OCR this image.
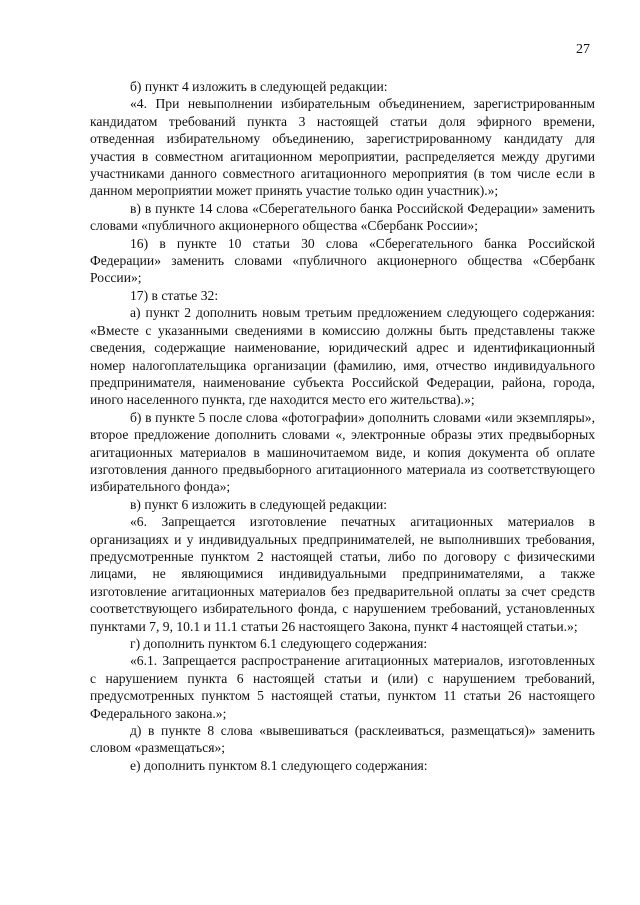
27

б) пункт 4 изложить в следующей редакции:

«4. При невыполнении избирательным объединением, зарегистрированным кандидатом требований пункта 3 настоящей статьи доля эфирного времени, отведенная избирательному объединению, зарегистрированному кандидату для участия в совместном агитационном мероприятии, распределяется между другими участниками данного совместного агитационного мероприятия (в том числе если в данном мероприятии может принять участие только один участник).»;

в) в пункте 14 слова «Сберегательного банка Российской Федерации» заменить словами «публичного акционерного общества «Сбербанк России»;

16) в пункте 10 статьи 30 слова «Сберегательного банка Российской Федерации» заменить словами «публичного акционерного общества «Сбербанк России»;

17) в статье 32:

а) пункт 2 дополнить новым третьим предложением следующего содержания: «Вместе с указанными сведениями в комиссию должны быть представлены также сведения, содержащие наименование, юридический адрес и идентификационный номер налогоплательщика организации (фамилию, имя, отчество индивидуального предпринимателя, наименование субъекта Российской Федерации, района, города, иного населенного пункта, где находится место его жительства).»;

б) в пункте 5 после слова «фотографии» дополнить словами «или экземпляры», второе предложение дополнить словами «, электронные образы этих предвыборных агитационных материалов в машиночитаемом виде, и копия документа об оплате изготовления данного предвыборного агитационного материала из соответствующего избирательного фонда»;

в) пункт 6 изложить в следующей редакции:

«6. Запрещается изготовление печатных агитационных материалов в организациях и у индивидуальных предпринимателей, не выполнивших требования, предусмотренные пунктом 2 настоящей статьи, либо по договору с физическими лицами, не являющимися индивидуальными предпринимателями, а также изготовление агитационных материалов без предварительной оплаты за счет средств соответствующего избирательного фонда, с нарушением требований, установленных пунктами 7, 9, 10.1 и 11.1 статьи 26 настоящего Закона, пункт 4 настоящей статьи.»;

г) дополнить пунктом 6.1 следующего содержания:

«6.1. Запрещается распространение агитационных материалов, изготовленных с нарушением пункта 6 настоящей статьи и (или) с нарушением требований, предусмотренных пунктом 5 настоящей статьи, пунктом 11 статьи 26 настоящего Федерального закона.»;

д) в пункте 8 слова «вывешиваться (расклеиваться, размещаться)» заменить словом «размещаться»;

е) дополнить пунктом 8.1 следующего содержания:
